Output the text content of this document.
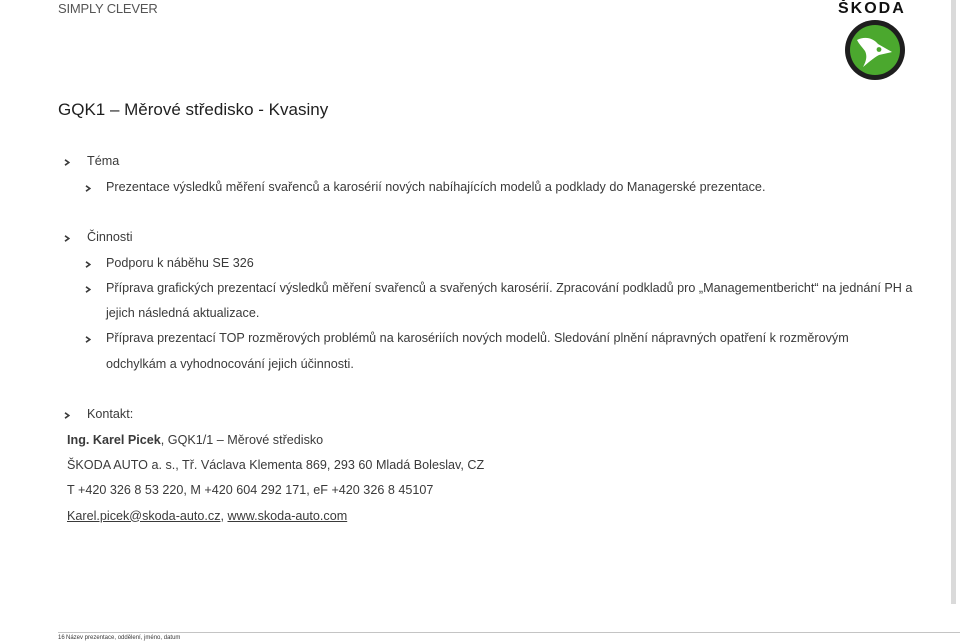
SIMPLY CLEVER	ŠKODA
GQK1 – Měrové středisko - Kvasiny
Téma
Prezentace výsledků měření svařenců a karosérií nových nabíhajících modelů a podklady do Managerské prezentace.
Činnosti
Podporu k náběhu SE 326
Příprava grafických prezentací výsledků měření svařenců a svařených karosérií. Zpracování podkladů pro „Managementbericht“ na jednání PH a
jejich následná aktualizace.
Příprava prezentací TOP rozměrových problémů na karosériích nových modelů. Sledování plnění nápravných opatření k rozměrovým
odchylkám a vyhodnocování jejich účinnosti.
Kontakt:
Ing. Karel Picek, GQK1/1 – Měrové středisko
ŠKODA AUTO a. s., Tř. Václava Klementa 869, 293 60 Mladá Boleslav, CZ
T +420 326 8 53 220, M +420 604 292 171, eF +420 326 8 45107
Karel.picek@skoda-auto.cz, www.skoda-auto.com
16 Název prezentace, oddělení, jméno, datum
